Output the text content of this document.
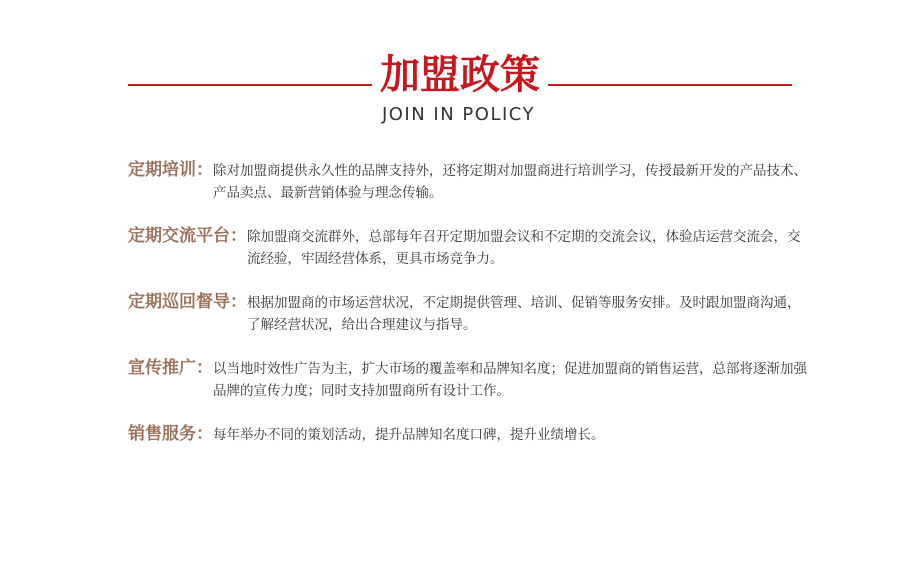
加盟政策
JOIN IN POLICY
定期培训： 除对加盟商提供永久性的品牌支持外，还将定期对加盟商进行培训学习，传授最新开发的产品技术、产品卖点、最新营销体验与理念传输。
定期交流平台： 除加盟商交流群外，总部每年召开定期加盟会议和不定期的交流会议，体验店运营交流会，交流经验，牢固经营体系，更具市场竞争力。
定期巡回督导： 根据加盟商的市场运营状况，不定期提供管理、培训、促销等服务安排。及时跟加盟商沟通，了解经营状况，给出合理建议与指导。
宣传推广： 以当地时效性广告为主，扩大市场的覆盖率和品牌知名度；促进加盟商的销售运营，总部将逐渐加强品牌的宣传力度；同时支持加盟商所有设计工作。
销售服务： 每年举办不同的策划活动，提升品牌知名度口碑，提升业绩增长。
